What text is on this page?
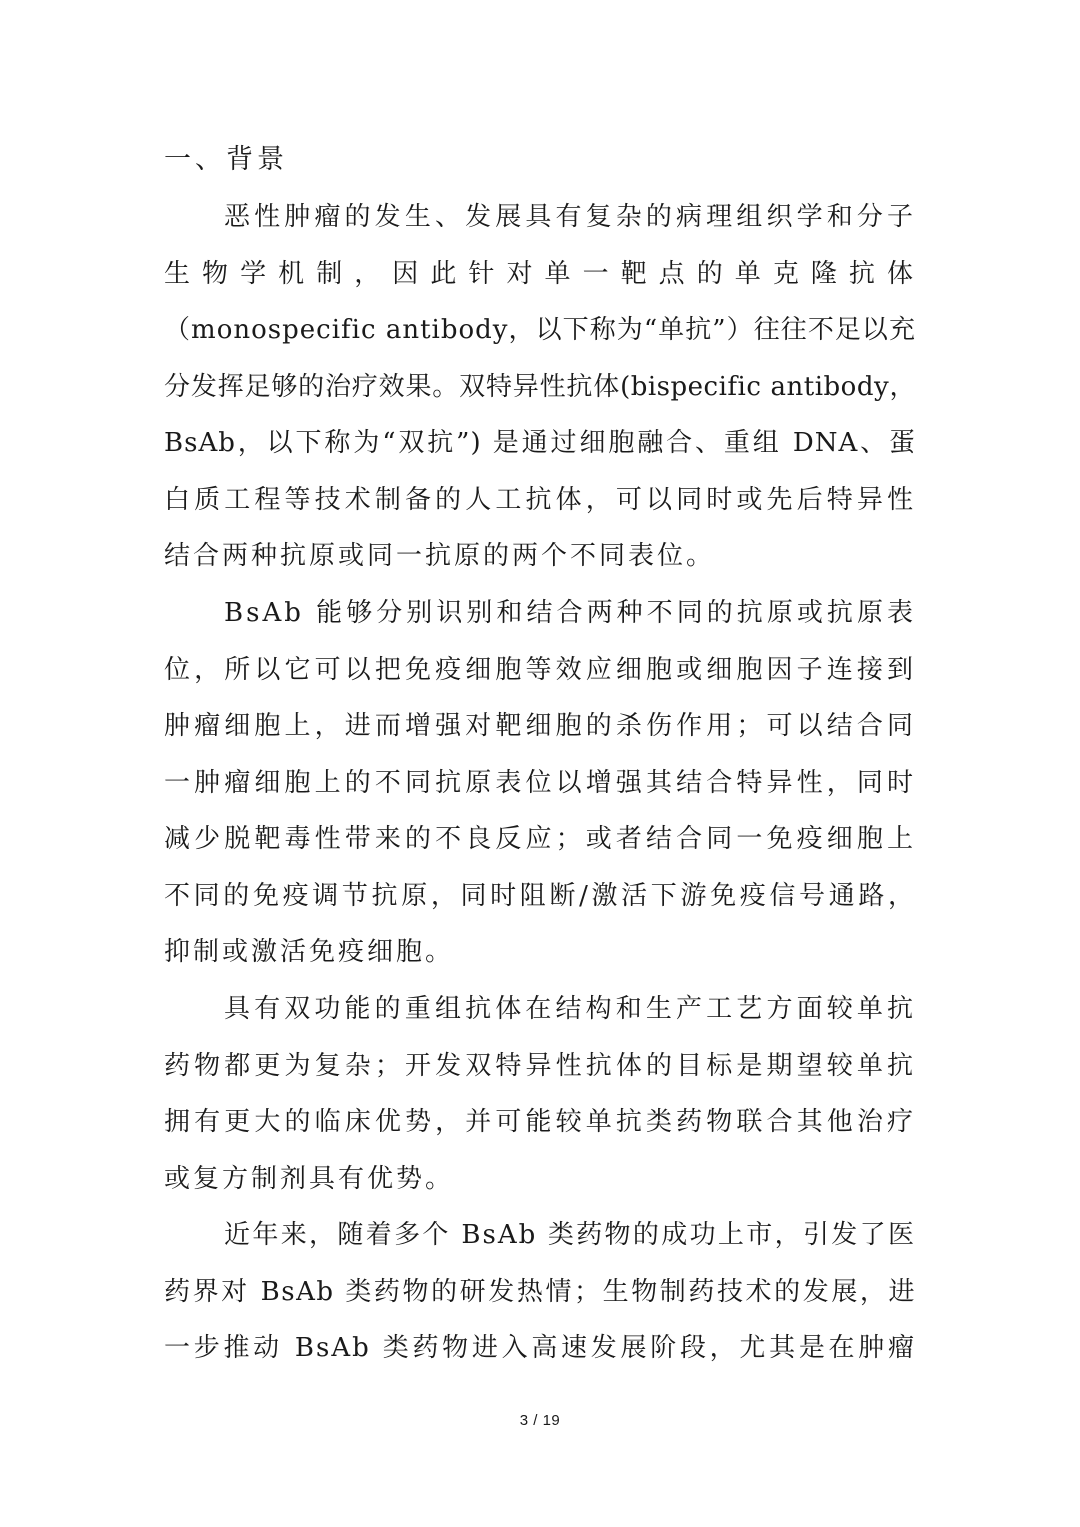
一、背景

恶性肿瘤的发生、发展具有复杂的病理组织学和分子
生物学机制，因此针对单一靶点的单克隆抗体
（monospecific antibody，以下称为“单抗”）往往不足以充
分发挥足够的治疗效果。双特异性抗体(bispecific antibody，
BsAb，以下称为“双抗”) 是通过细胞融合、重组 DNA、蛋
白质工程等技术制备的人工抗体，可以同时或先后特异性
结合两种抗原或同一抗原的两个不同表位。

BsAb 能够分别识别和结合两种不同的抗原或抗原表
位，所以它可以把免疫细胞等效应细胞或细胞因子连接到
肿瘤细胞上，进而增强对靶细胞的杀伤作用；可以结合同
一肿瘤细胞上的不同抗原表位以增强其结合特异性，同时
减少脱靶毒性带来的不良反应；或者结合同一免疫细胞上
不同的免疫调节抗原，同时阻断/激活下游免疫信号通路，
抑制或激活免疫细胞。

具有双功能的重组抗体在结构和生产工艺方面较单抗
药物都更为复杂；开发双特异性抗体的目标是期望较单抗
拥有更大的临床优势，并可能较单抗类药物联合其他治疗
或复方制剂具有优势。

近年来，随着多个 BsAb 类药物的成功上市，引发了医
药界对 BsAb 类药物的研发热情；生物制药技术的发展，进
一步推动 BsAb 类药物进入高速发展阶段，尤其是在肿瘤

3 / 19
